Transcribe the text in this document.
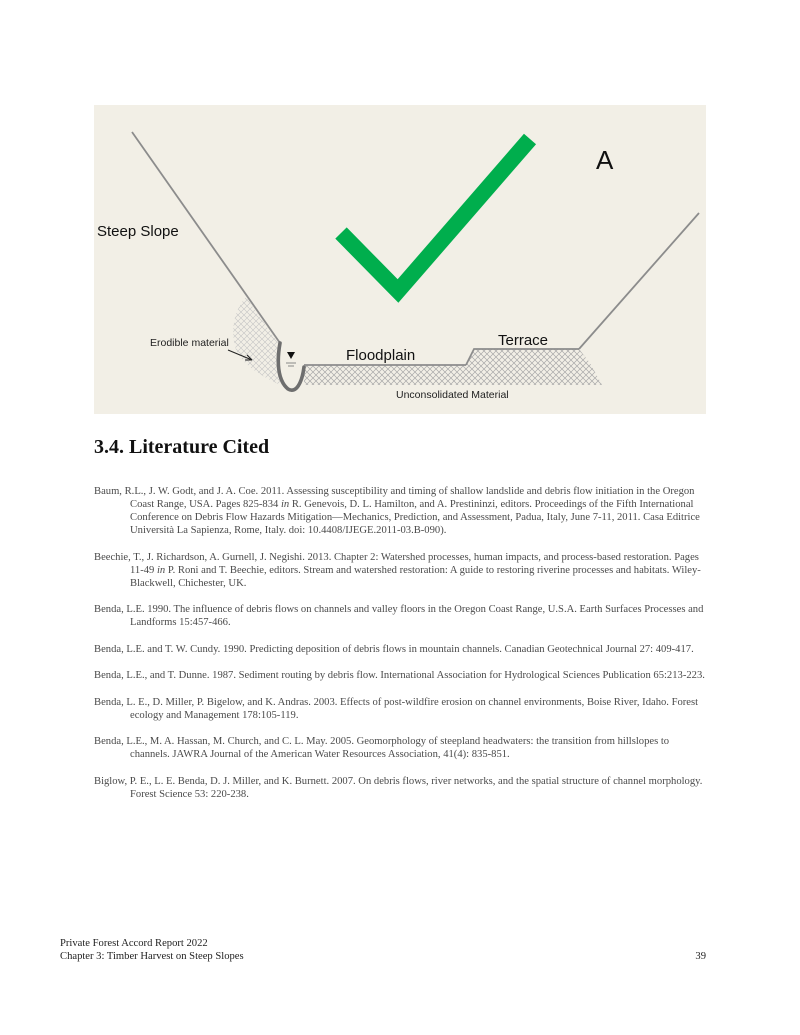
A
Steep Slope
Erodible material
Floodplain
Terrace
Unconsolidated Material
3.4. Literature Cited
Baum, R.L., J. W. Godt, and J. A. Coe. 2011. Assessing susceptibility and timing of shallow landslide and debris flow initiation in the Oregon Coast Range, USA. Pages 825-834 in R. Genevois, D. L. Hamilton, and A. Prestininzi, editors. Proceedings of the Fifth International Conference on Debris Flow Hazards Mitigation—Mechanics, Prediction, and Assessment, Padua, Italy, June 7-11, 2011. Casa Editrice Università La Sapienza, Rome, Italy. doi: 10.4408/IJEGE.2011-03.B-090).
Beechie, T., J. Richardson, A. Gurnell, J. Negishi. 2013. Chapter 2: Watershed processes, human impacts, and process-based restoration. Pages 11-49 in P. Roni and T. Beechie, editors. Stream and watershed restoration: A guide to restoring riverine processes and habitats. Wiley-Blackwell, Chichester, UK.
Benda, L.E. 1990. The influence of debris flows on channels and valley floors in the Oregon Coast Range, U.S.A. Earth Surfaces Processes and Landforms 15:457-466.
Benda, L.E. and T. W. Cundy. 1990. Predicting deposition of debris flows in mountain channels. Canadian Geotechnical Journal 27: 409-417.
Benda, L.E., and T. Dunne. 1987. Sediment routing by debris flow. International Association for Hydrological Sciences Publication 65:213-223.
Benda, L. E., D. Miller, P. Bigelow, and K. Andras. 2003. Effects of post-wildfire erosion on channel environments, Boise River, Idaho. Forest ecology and Management 178:105-119.
Benda, L.E., M. A. Hassan, M. Church, and C. L. May. 2005. Geomorphology of steepland headwaters: the transition from hillslopes to channels. JAWRA Journal of the American Water Resources Association, 41(4): 835-851.
Biglow, P. E., L. E. Benda, D. J. Miller, and K. Burnett. 2007. On debris flows, river networks, and the spatial structure of channel morphology. Forest Science 53: 220-238.
Private Forest Accord Report 2022
Chapter 3: Timber Harvest on Steep Slopes	39
